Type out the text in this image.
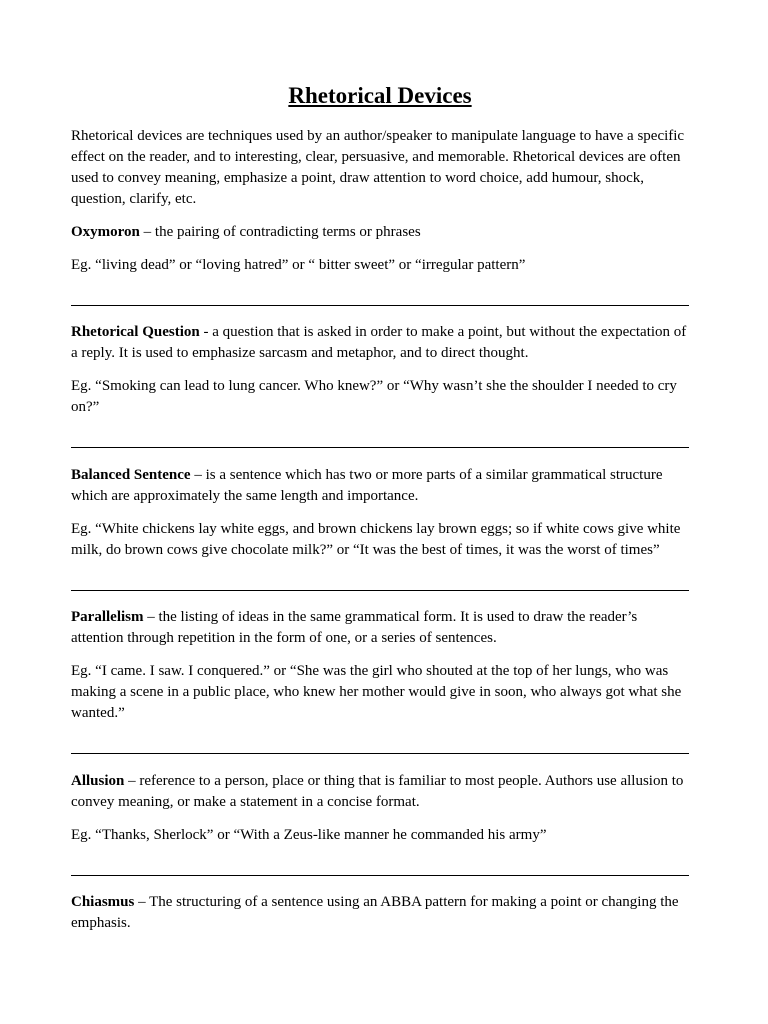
Rhetorical Devices

Rhetorical devices are techniques used by an author/speaker to manipulate language to have a specific effect on the reader, and to interesting, clear, persuasive, and memorable. Rhetorical devices are often used to convey meaning, emphasize a point, draw attention to word choice, add humour, shock, question, clarify, etc.

Oxymoron – the pairing of contradicting terms or phrases

Eg. “living dead” or “loving hatred” or “ bitter sweet” or “irregular pattern”

Rhetorical Question - a question that is asked in order to make a point, but without the expectation of a reply. It is used to emphasize sarcasm and metaphor, and to direct thought.

Eg. “Smoking can lead to lung cancer. Who knew?” or “Why wasn’t she the shoulder I needed to cry on?”

Balanced Sentence – is a sentence which has two or more parts of a similar grammatical structure which are approximately the same length and importance.

Eg. “White chickens lay white eggs, and brown chickens lay brown eggs; so if white cows give white milk, do brown cows give chocolate milk?” or “It was the best of times, it was the worst of times”

Parallelism – the listing of ideas in the same grammatical form. It is used to draw the reader’s attention through repetition in the form of one, or a series of sentences.

Eg. “I came. I saw. I conquered.” or “She was the girl who shouted at the top of her lungs, who was making a scene in a public place, who knew her mother would give in soon, who always got what she wanted.”

Allusion – reference to a person, place or thing that is familiar to most people. Authors use allusion to convey meaning, or make a statement in a concise format.

Eg. “Thanks, Sherlock” or “With a Zeus-like manner he commanded his army”

Chiasmus – The structuring of a sentence using an ABBA pattern for making a point or changing the emphasis.
